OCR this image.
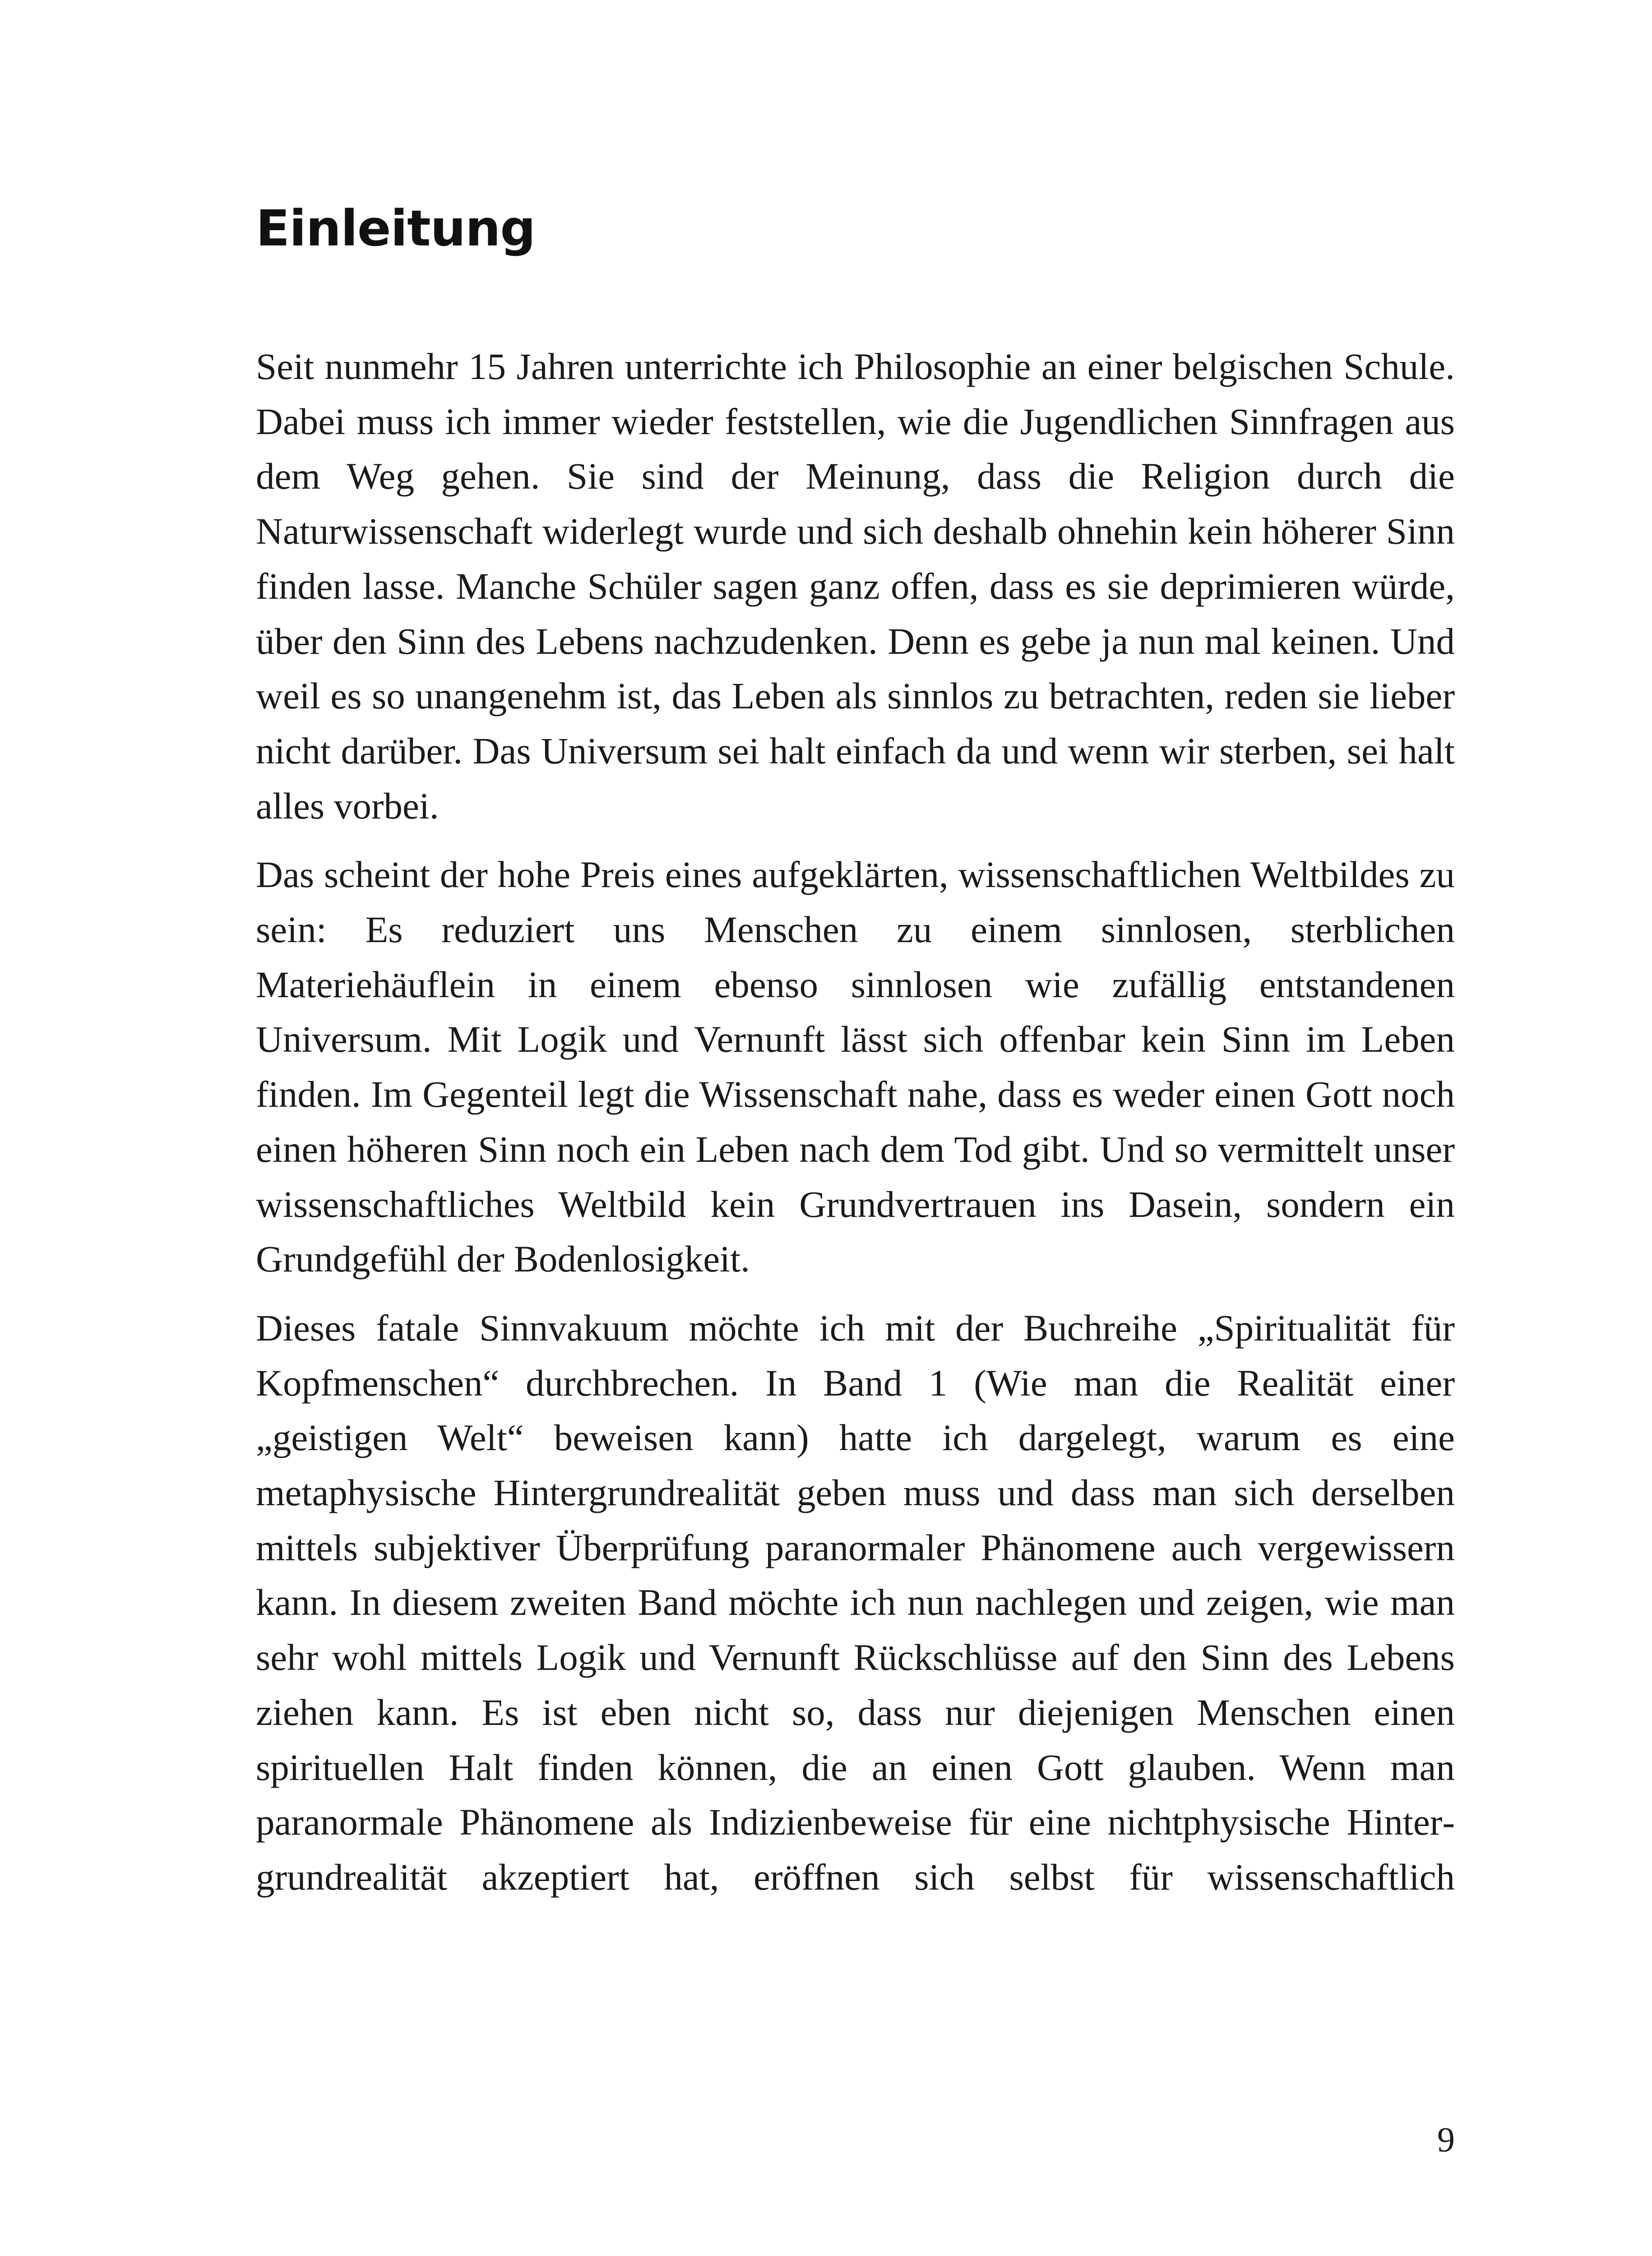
Einleitung

Seit nunmehr 15 Jahren unterrichte ich Philosophie an einer belgischen Schule. Dabei muss ich immer wieder feststellen, wie die Jugendlichen Sinnfragen aus dem Weg gehen. Sie sind der Meinung, dass die Religion durch die Naturwissenschaft widerlegt wurde und sich deshalb ohnehin kein höherer Sinn finden lasse. Manche Schüler sagen ganz offen, dass es sie deprimieren würde, über den Sinn des Lebens nachzudenken. Denn es gebe ja nun mal keinen. Und weil es so unangenehm ist, das Leben als sinnlos zu betrachten, reden sie lieber nicht darüber. Das Universum sei halt einfach da und wenn wir sterben, sei halt alles vorbei.

Das scheint der hohe Preis eines aufgeklärten, wissenschaftlichen Weltbildes zu sein: Es reduziert uns Menschen zu einem sinnlosen, sterblichen Materiehäuflein in einem ebenso sinnlosen wie zufällig entstandenen Universum. Mit Logik und Vernunft lässt sich offenbar kein Sinn im Leben finden. Im Gegenteil legt die Wissenschaft nahe, dass es weder einen Gott noch einen höheren Sinn noch ein Leben nach dem Tod gibt. Und so vermittelt unser wissenschaftliches Weltbild kein Grundvertrauen ins Dasein, sondern ein Grundgefühl der Bodenlosigkeit.

Dieses fatale Sinnvakuum möchte ich mit der Buchreihe „Spiritualität für Kopfmenschen“ durchbrechen. In Band 1 (Wie man die Realität einer „geistigen Welt“ beweisen kann) hatte ich dargelegt, warum es eine metaphysische Hintergrundrealität geben muss und dass man sich derselben mittels subjektiver Überprüfung paranormaler Phänomene auch vergewissern kann. In diesem zweiten Band möchte ich nun nachlegen und zeigen, wie man sehr wohl mittels Logik und Vernunft Rückschlüsse auf den Sinn des Lebens ziehen kann. Es ist eben nicht so, dass nur diejenigen Menschen einen spirituellen Halt finden können, die an einen Gott glauben. Wenn man paranormale Phänomene als Indizienbeweise für eine nichtphysische Hintergrundrealität akzeptiert hat, eröffnen sich selbst für wissenschaftlich

9
